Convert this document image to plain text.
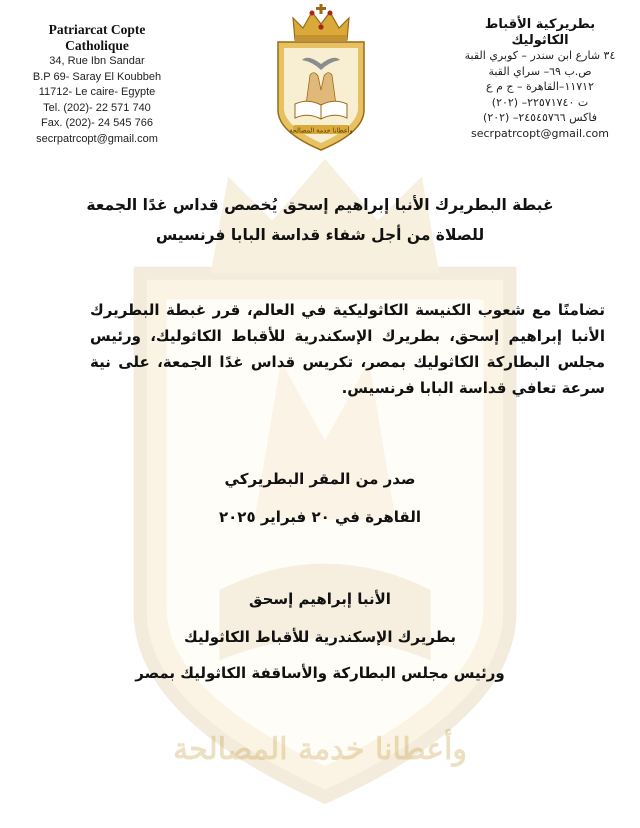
وأعطانا خدمة المصالحة
Patriarcat Copte Catholique
34, Rue Ibn Sandar
B.P 69- Saray El Koubbeh
11712- Le caire- Egypte
Tel. (202)- 22 571 740
Fax. (202)- 24 545 766
secrpatrcopt@gmail.com
وأعطانا خدمة المصالحة
بطريركية الأقباط الكاثوليك
٣٤ شارع ابن سندر – كوبري القبة
ص.ب ٦٩– سراي القبة
١١٧١٢–القاهرة – ج م ع
ت ٢٢٥٧١٧٤٠– (٢٠٢)
فاكس ٢٤٥٤٥٧٦٦– (٢٠٢)
secrpatrcopt@gmail.com
غبطة البطريرك الأنبا إبراهيم إسحق يُخصص قداس غدًا الجمعة
للصلاة من أجل شفاء قداسة البابا فرنسيس
تضامنًا مع شعوب الكنيسة الكاثوليكية في العالم، قرر غبطة البطريرك الأنبا إبراهيم إسحق، بطريرك الإسكندرية للأقباط الكاثوليك، ورئيس مجلس البطاركة الكاثوليك بمصر، تكريس قداس غدًا الجمعة، على نية سرعة تعافي قداسة البابا فرنسيس.
صدر من المقر البطريركي
القاهرة في ٢٠ فبراير ٢٠٢٥
الأنبا إبراهيم إسحق
بطريرك الإسكندرية للأقباط الكاثوليك
ورئيس مجلس البطاركة والأساقفة الكاثوليك بمصر
